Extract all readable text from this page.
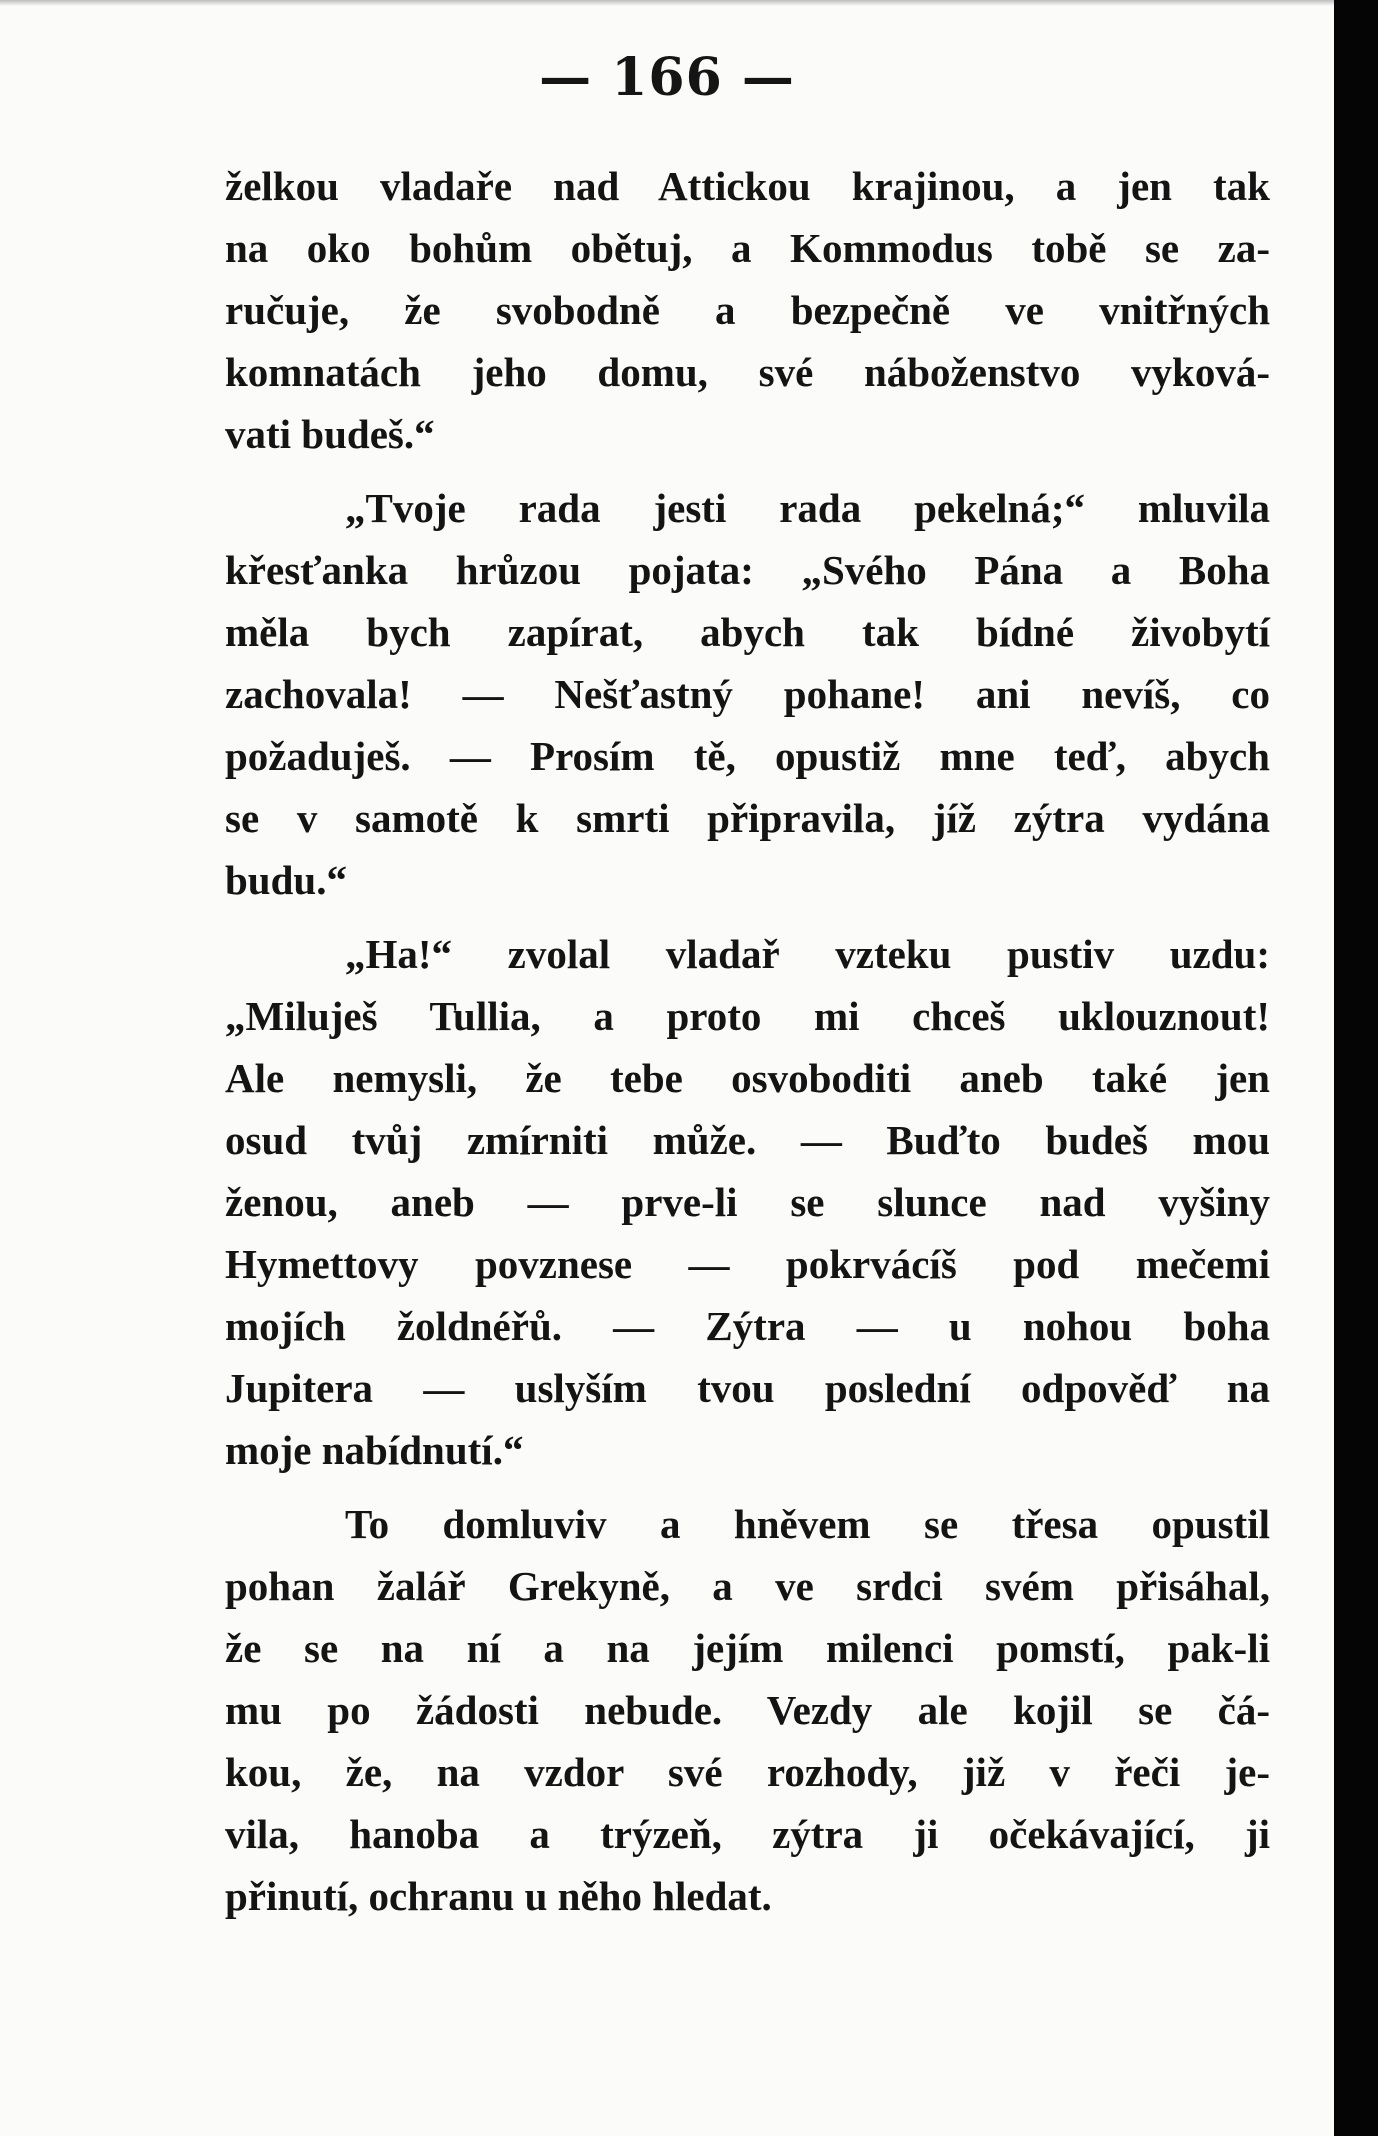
— 166 —
želkou vladaře nad Attickou krajinou, a jen tak
na oko bohům obětuj, a Kommodus tobě se za-
ručuje, že svobodně a bezpečně ve vnitřných
komnatách jeho domu, své náboženstvo vyková-
vati budeš.“
„Tvoje rada jesti rada pekelná;“ mluvila
křesťanka hrůzou pojata: „Svého Pána a Boha
měla bych zapírat, abych tak bídné živobytí
zachovala! — Nešťastný pohane! ani nevíš, co
požaduješ. — Prosím tě, opustiž mne teď, abych
se v samotě k smrti připravila, jíž zýtra vydána
budu.“
„Ha!“ zvolal vladař vzteku pustiv uzdu:
„Miluješ Tullia, a proto mi chceš uklouznout!
Ale nemysli, že tebe osvoboditi aneb také jen
osud tvůj zmírniti může. — Buďto budeš mou
ženou, aneb — prve-li se slunce nad vyšiny
Hymettovy povznese — pokrvácíš pod mečemi
mojích žoldnéřů. — Zýtra — u nohou boha
Jupitera — uslyším tvou poslední odpověď na
moje nabídnutí.“
To domluviv a hněvem se třesa opustil
pohan žalář Grekyně, a ve srdci svém přisáhal,
že se na ní a na jejím milenci pomstí, pak-li
mu po žádosti nebude. Vezdy ale kojil se čá-
kou, že, na vzdor své rozhody, již v řeči je-
vila, hanoba a trýzeň, zýtra ji očekávající, ji
přinutí, ochranu u něho hledat.
